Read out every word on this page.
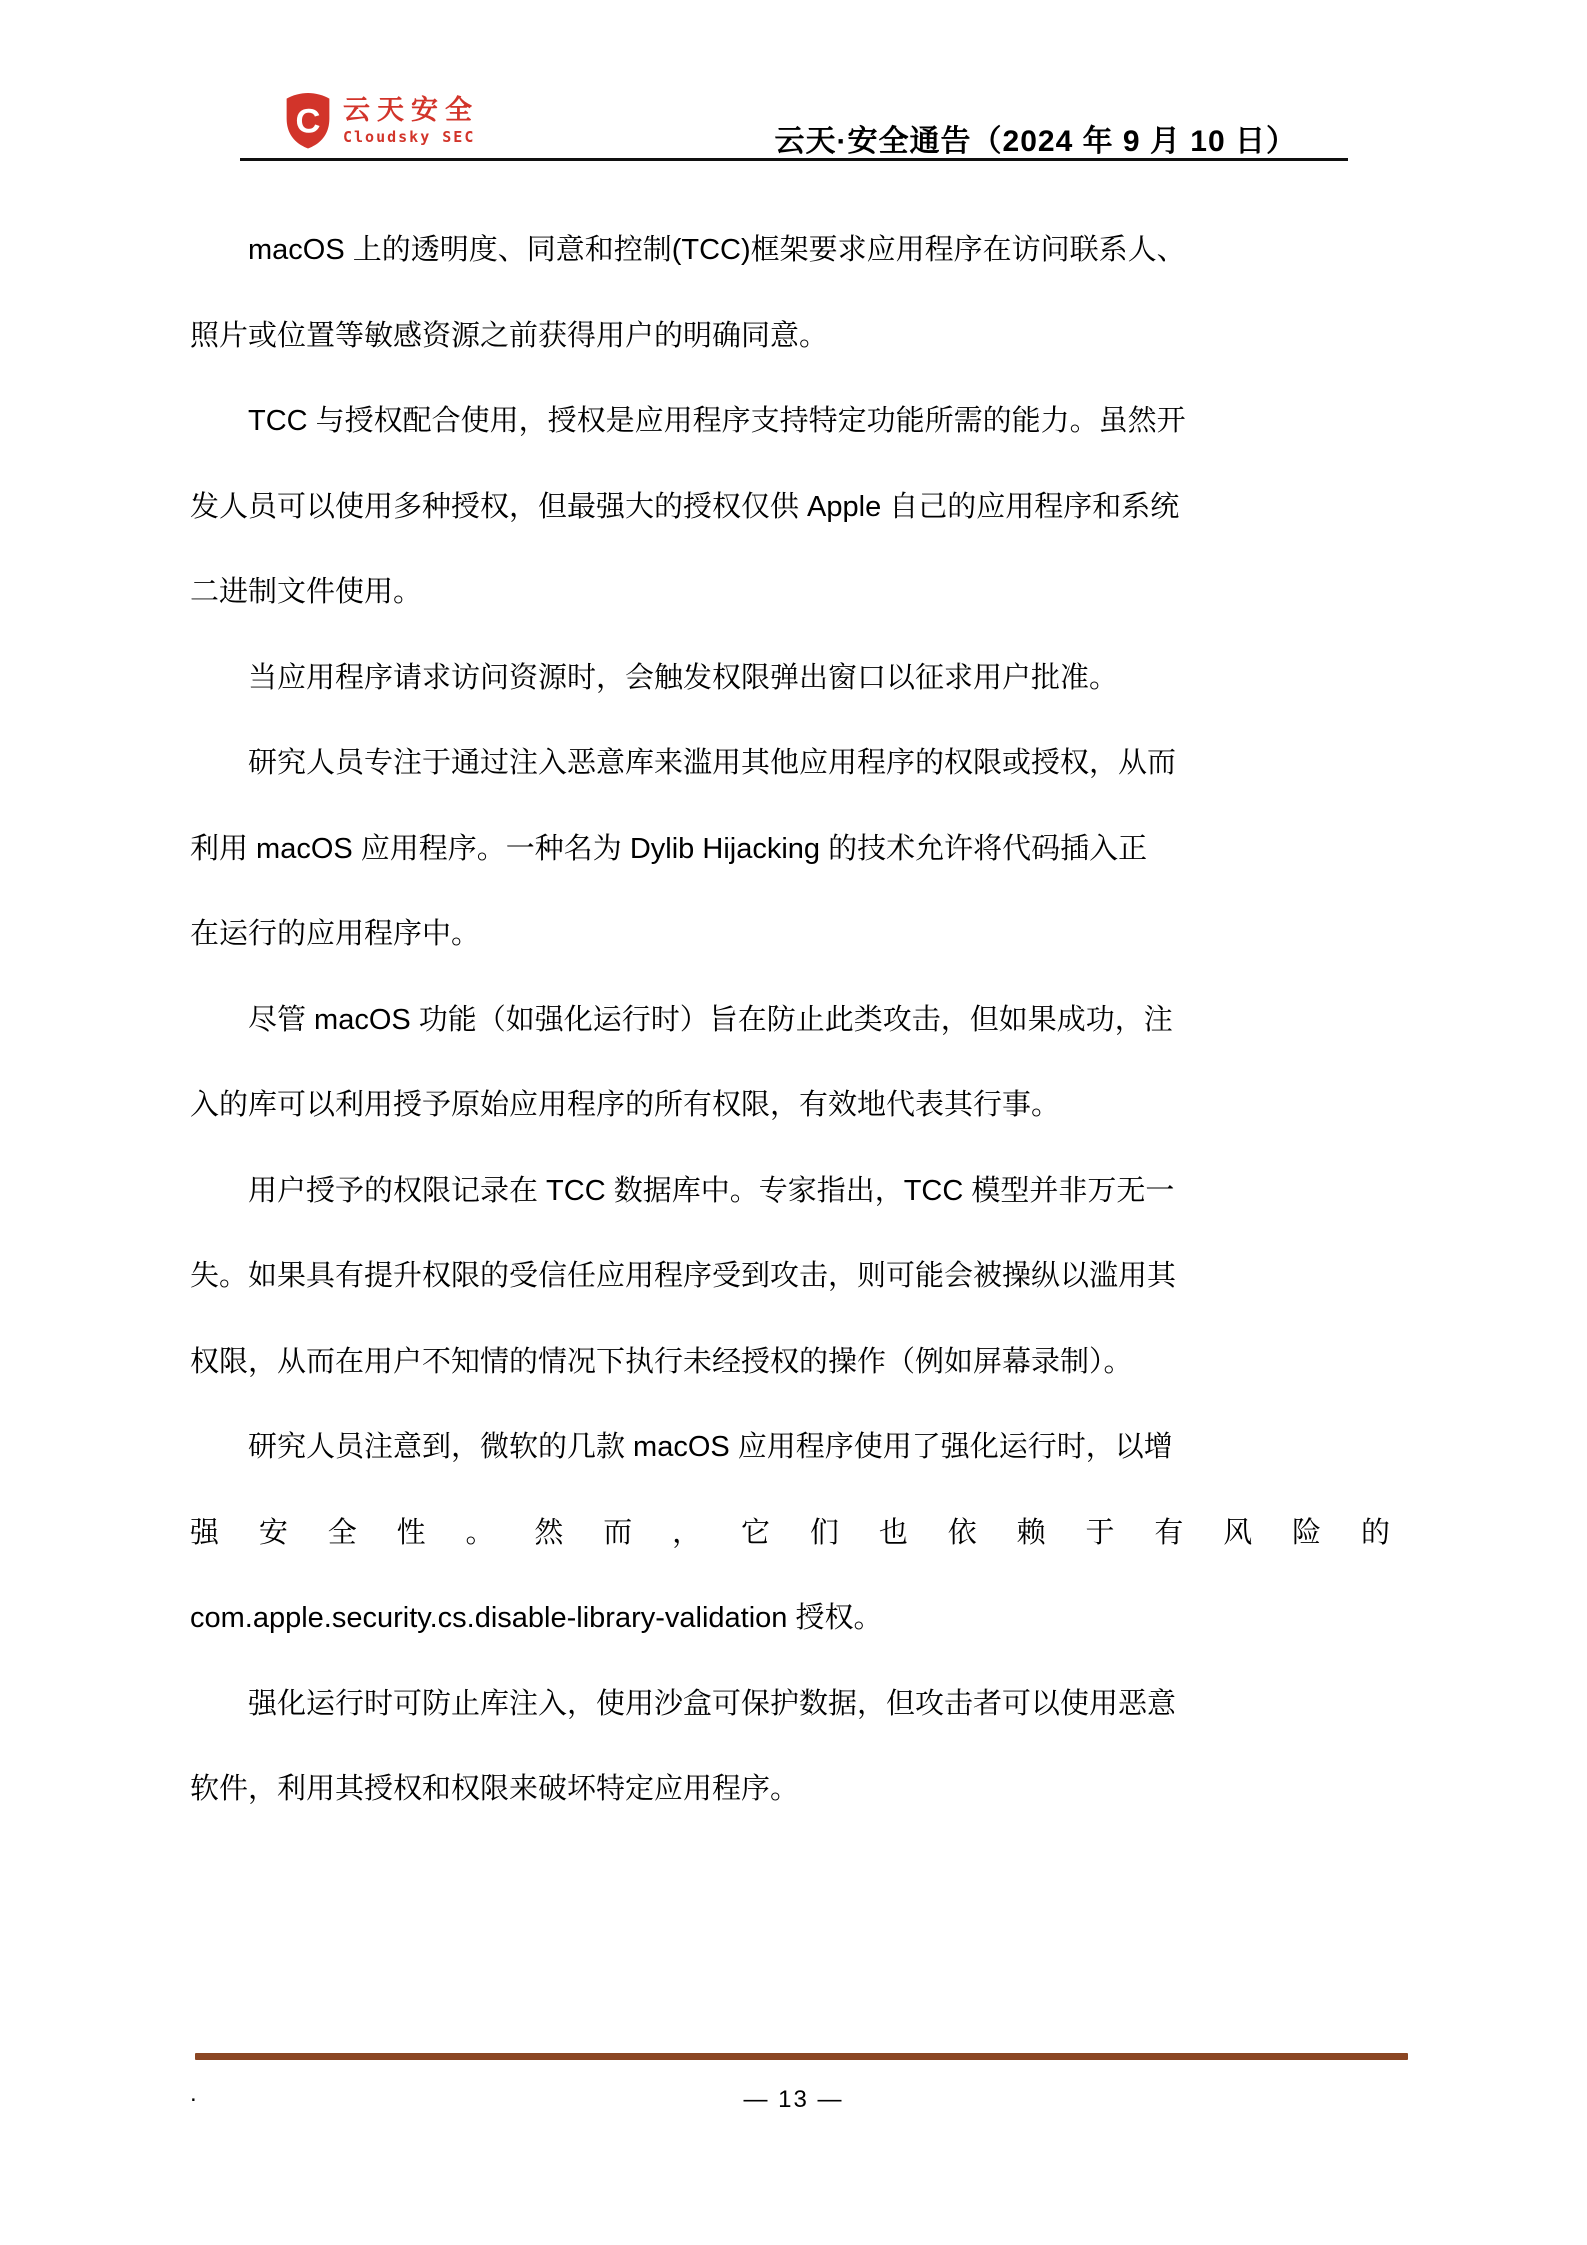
C 云天安全
Cloudsky SEC	云天·安全通告（2024 年 9 月 10 日）
macOS 上的透明度、同意和控制(TCC)框架要求应用程序在访问联系人、
照片或位置等敏感资源之前获得用户的明确同意。
TCC 与授权配合使用，授权是应用程序支持特定功能所需的能力。虽然开
发人员可以使用多种授权，但最强大的授权仅供 Apple 自己的应用程序和系统
二进制文件使用。
当应用程序请求访问资源时，会触发权限弹出窗口以征求用户批准。
研究人员专注于通过注入恶意库来滥用其他应用程序的权限或授权，从而
利用 macOS 应用程序。一种名为 Dylib Hijacking 的技术允许将代码插入正
在运行的应用程序中。
尽管 macOS 功能（如强化运行时）旨在防止此类攻击，但如果成功，注
入的库可以利用授予原始应用程序的所有权限，有效地代表其行事。
用户授予的权限记录在 TCC 数据库中。专家指出，TCC 模型并非万无一
失。如果具有提升权限的受信任应用程序受到攻击，则可能会被操纵以滥用其
权限，从而在用户不知情的情况下执行未经授权的操作（例如屏幕录制）。
研究人员注意到，微软的几款 macOS 应用程序使用了强化运行时，以增
强 安 全 性 。 然 而 ， 它 们 也 依 赖 于 有 风 险 的
com.apple.security.cs.disable-library-validation 授权。
强化运行时可防止库注入，使用沙盒可保护数据，但攻击者可以使用恶意
软件，利用其授权和权限来破坏特定应用程序。
.	— 13 —
